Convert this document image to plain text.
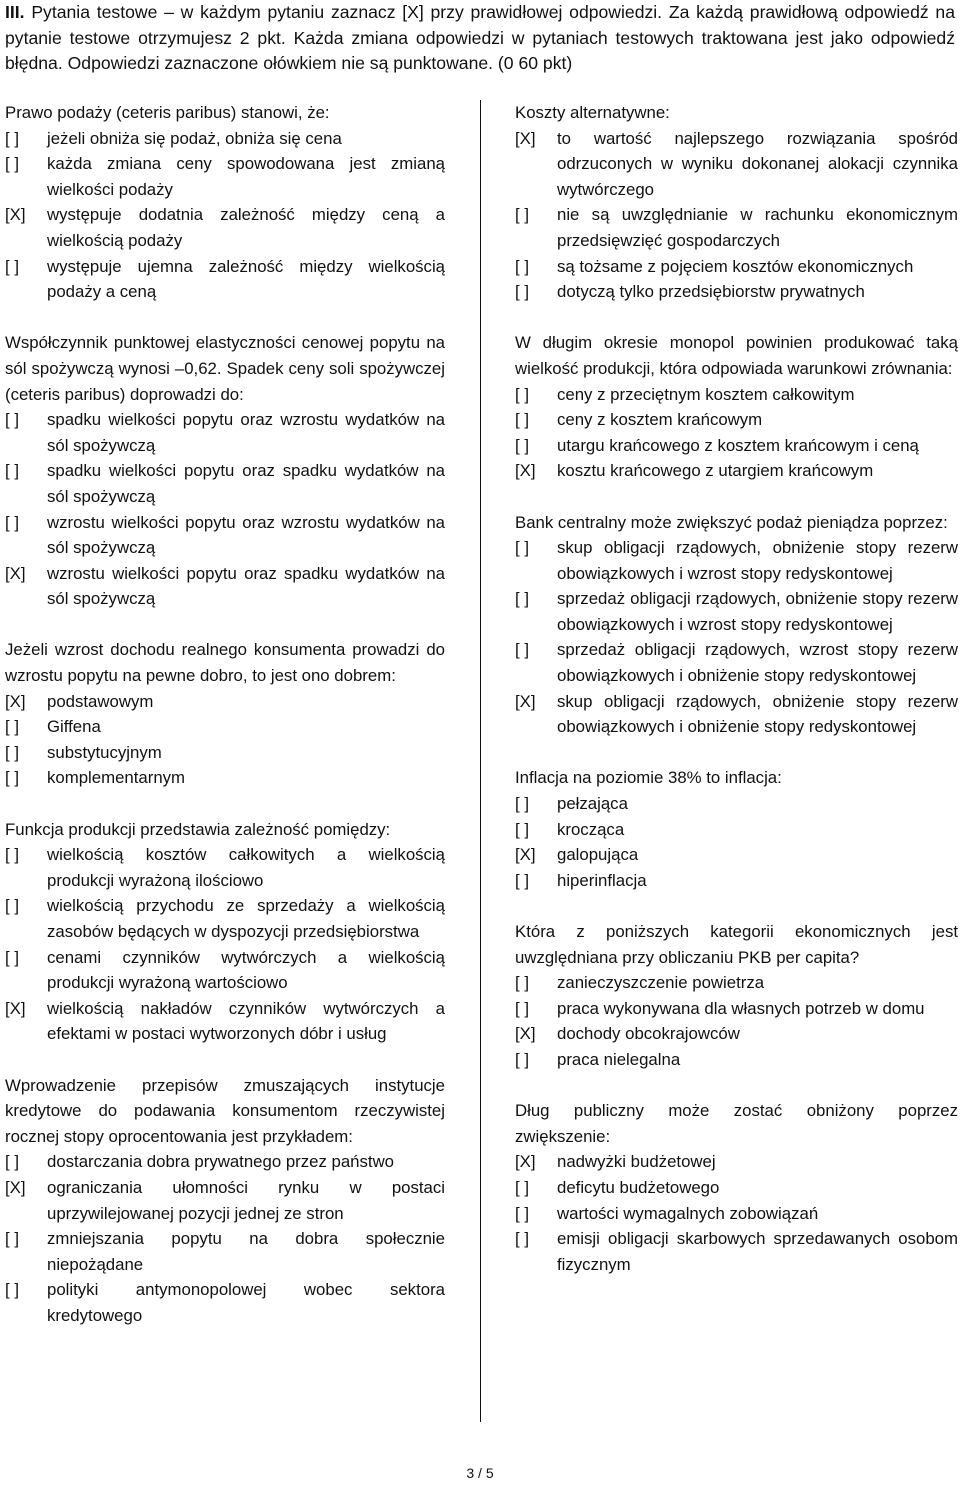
III. Pytania testowe – w każdym pytaniu zaznacz [X] przy prawidłowej odpowiedzi. Za każdą prawidłową odpowiedź na pytanie testowe otrzymujesz 2 pkt. Każda zmiana odpowiedzi w pytaniach testowych traktowana jest jako odpowiedź błędna. Odpowiedzi zaznaczone ołówkiem nie są punktowane. (0 60 pkt)

Prawo podaży (ceteris paribus) stanowi, że:

[ ]	jeżeli obniża się podaż, obniża się cena
[ ]	każda zmiana ceny spowodowana jest zmianą wielkości podaży
[X]	występuje dodatnia zależność między ceną a wielkością podaży
[ ]	występuje ujemna zależność między wielkością podaży a ceną

Współczynnik punktowej elastyczności cenowej popytu na sól spożywczą wynosi –0,62. Spadek ceny soli spożywczej (ceteris paribus) doprowadzi do:

[ ]	spadku wielkości popytu oraz wzrostu wydatków na sól spożywczą
[ ]	spadku wielkości popytu oraz spadku wydatków na sól spożywczą
[ ]	wzrostu wielkości popytu oraz wzrostu wydatków na sól spożywczą
[X]	wzrostu wielkości popytu oraz spadku wydatków na sól spożywczą

Jeżeli wzrost dochodu realnego konsumenta prowadzi do wzrostu popytu na pewne dobro, to jest ono dobrem:

[X]	podstawowym
[ ]	Giffena
[ ]	substytucyjnym
[ ]	komplementarnym

Funkcja produkcji przedstawia zależność pomiędzy:

[ ]	wielkością kosztów całkowitych a wielkością produkcji wyrażoną ilościowo
[ ]	wielkością przychodu ze sprzedaży a wielkością zasobów będących w dyspozycji przedsiębiorstwa
[ ]	cenami czynników wytwórczych a wielkością produkcji wyrażoną wartościowo
[X]	wielkością nakładów czynników wytwórczych a efektami w postaci wytworzonych dóbr i usług

Wprowadzenie przepisów zmuszających instytucje kredytowe do podawania konsumentom rzeczywistej rocznej stopy oprocentowania jest przykładem:

[ ]	dostarczania dobra prywatnego przez państwo
[X]	ograniczania ułomności rynku w postaci uprzywilejowanej pozycji jednej ze stron
[ ]	zmniejszania popytu na dobra społecznie niepożądane
[ ]	polityki antymonopolowej wobec sektora kredytowego

Koszty alternatywne:

[X]	to wartość najlepszego rozwiązania spośród odrzuconych w wyniku dokonanej alokacji czynnika wytwórczego
[ ]	nie są uwzględnianie w rachunku ekonomicznym przedsięwzięć gospodarczych
[ ]	są tożsame z pojęciem kosztów ekonomicznych
[ ]	dotyczą tylko przedsiębiorstw prywatnych

W długim okresie monopol powinien produkować taką wielkość produkcji, która odpowiada warunkowi zrównania:

[ ]	ceny z przeciętnym kosztem całkowitym
[ ]	ceny z kosztem krańcowym
[ ]	utargu krańcowego z kosztem krańcowym i ceną
[X]	kosztu krańcowego z utargiem krańcowym

Bank centralny może zwiększyć podaż pieniądza poprzez:

[ ]	skup obligacji rządowych, obniżenie stopy rezerw obowiązkowych i wzrost stopy redyskontowej
[ ]	sprzedaż obligacji rządowych, obniżenie stopy rezerw obowiązkowych i wzrost stopy redyskontowej
[ ]	sprzedaż obligacji rządowych, wzrost stopy rezerw obowiązkowych i obniżenie stopy redyskontowej
[X]	skup obligacji rządowych, obniżenie stopy rezerw obowiązkowych i obniżenie stopy redyskontowej

Inflacja na poziomie 38% to inflacja:

[ ]	pełzająca
[ ]	krocząca
[X]	galopująca
[ ]	hiperinflacja

Która z poniższych kategorii ekonomicznych jest uwzględniana przy obliczaniu PKB per capita?

[ ]	zanieczyszczenie powietrza
[ ]	praca wykonywana dla własnych potrzeb w domu
[X]	dochody obcokrajowców
[ ]	praca nielegalna

Dług publiczny może zostać obniżony poprzez zwiększenie:

[X]	nadwyżki budżetowej
[ ]	deficytu budżetowego
[ ]	wartości wymagalnych zobowiązań
[ ]	emisji obligacji skarbowych sprzedawanych osobom fizycznym
3 / 5
